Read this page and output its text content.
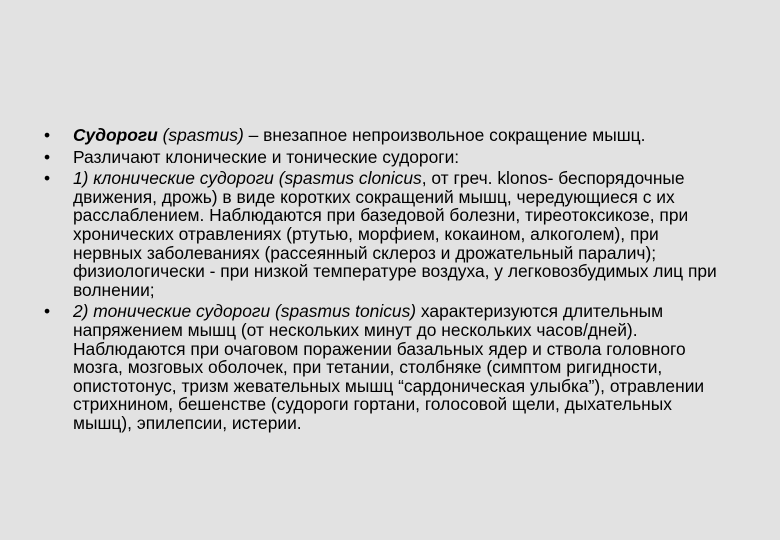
•	Судороги (spasmus) – внезапное непроизвольное сокращение мышц.
•	Различают клонические и тонические судороги:
•	1) клонические судороги (spasmus clonicus, от греч. klonos- беспорядочные движения, дрожь) в виде коротких сокращений мышц, чередующиеся с их расслаблением. Наблюдаются при базедовой болезни, тиреотоксикозе, при хронических отравлениях (ртутью, морфием, кокаином, алкоголем), при нервных заболеваниях (рассеянный склероз и дрожательный паралич); физиологически - при низкой температуре воздуха, у легковозбудимых лиц при волнении;
•	2) тонические судороги (spasmus tonicus) характеризуются длительным напряжением мышц (от нескольких минут до нескольких часов/дней). Наблюдаются при очаговом поражении базальных ядер и ствола головного мозга, мозговых оболочек, при тетании, столбняке (симптом ригидности, опистотонус, тризм жевательных мышц “сардоническая улыбка”), отравлении стрихнином, бешенстве (судороги гортани, голосовой щели, дыхательных мышц), эпилепсии, истерии.
